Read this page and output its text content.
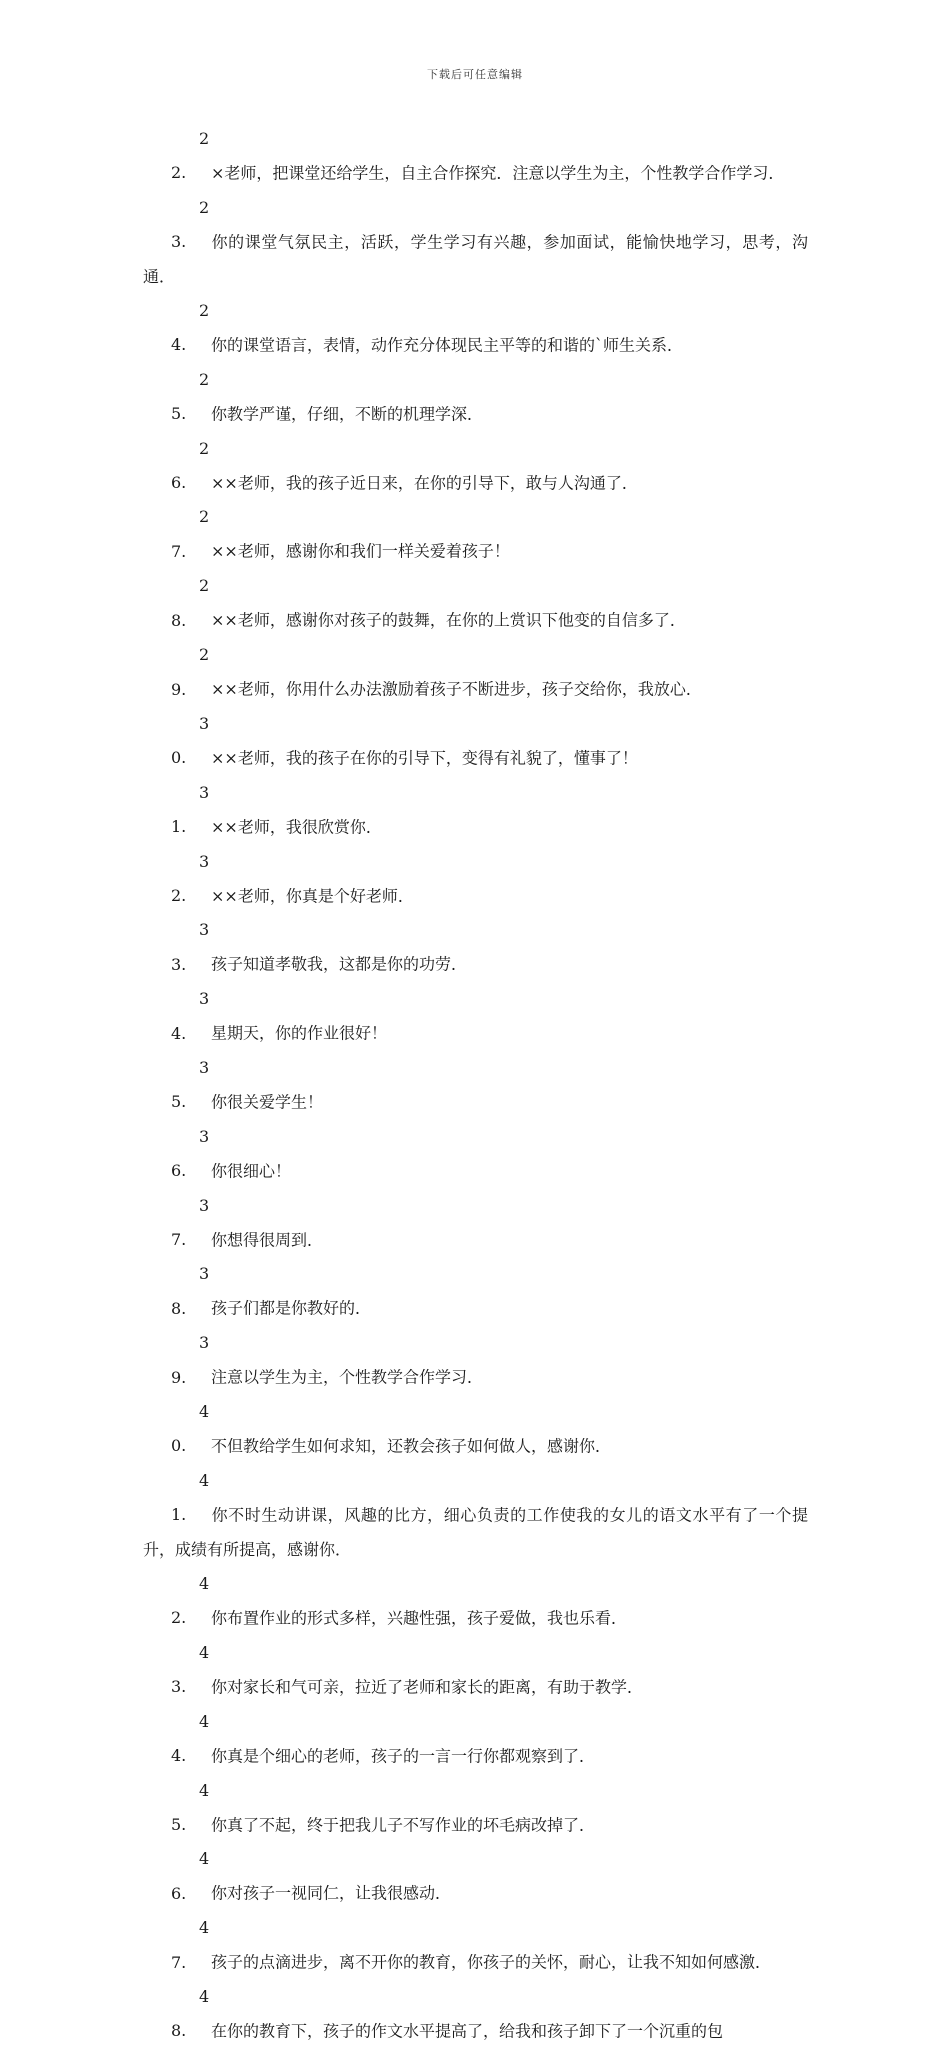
下载后可任意编辑

22. ×老师，把课堂还给学生，自主合作探究．注意以学生为主，个性教学合作学习．

23. 你的课堂气氛民主，活跃，学生学习有兴趣，参加面试，能愉快地学习，思考，沟通．

24. 你的课堂语言，表情，动作充分体现民主平等的和谐的`师生关系．

25. 你教学严谨，仔细，不断的机理学深．

26. ××老师，我的孩子近日来，在你的引导下，敢与人沟通了．

27. ××老师，感谢你和我们一样关爱着孩子！

28. ××老师，感谢你对孩子的鼓舞，在你的上赏识下他变的自信多了．

29. ××老师，你用什么办法激励着孩子不断进步，孩子交给你，我放心．

30. ××老师，我的孩子在你的引导下，变得有礼貌了，懂事了！

31. ××老师，我很欣赏你．

32. ××老师，你真是个好老师．

33. 孩子知道孝敬我，这都是你的功劳．

34. 星期天，你的作业很好！

35. 你很关爱学生！

36. 你很细心！

37. 你想得很周到．

38. 孩子们都是你教好的．

39. 注意以学生为主，个性教学合作学习．

40. 不但教给学生如何求知，还教会孩子如何做人，感谢你．

41. 你不时生动讲课，风趣的比方，细心负责的工作使我的女儿的语文水平有了一个提升，成绩有所提高，感谢你．

42. 你布置作业的形式多样，兴趣性强，孩子爱做，我也乐看．

43. 你对家长和气可亲，拉近了老师和家长的距离，有助于教学．

44. 你真是个细心的老师，孩子的一言一行你都观察到了．

45. 你真了不起，终于把我儿子不写作业的坏毛病改掉了．

46. 你对孩子一视同仁，让我很感动．

47. 孩子的点滴进步，离不开你的教育，你孩子的关怀，耐心，让我不知如何感激．

48. 在你的教育下，孩子的作文水平提高了，给我和孩子卸下了一个沉重的包
